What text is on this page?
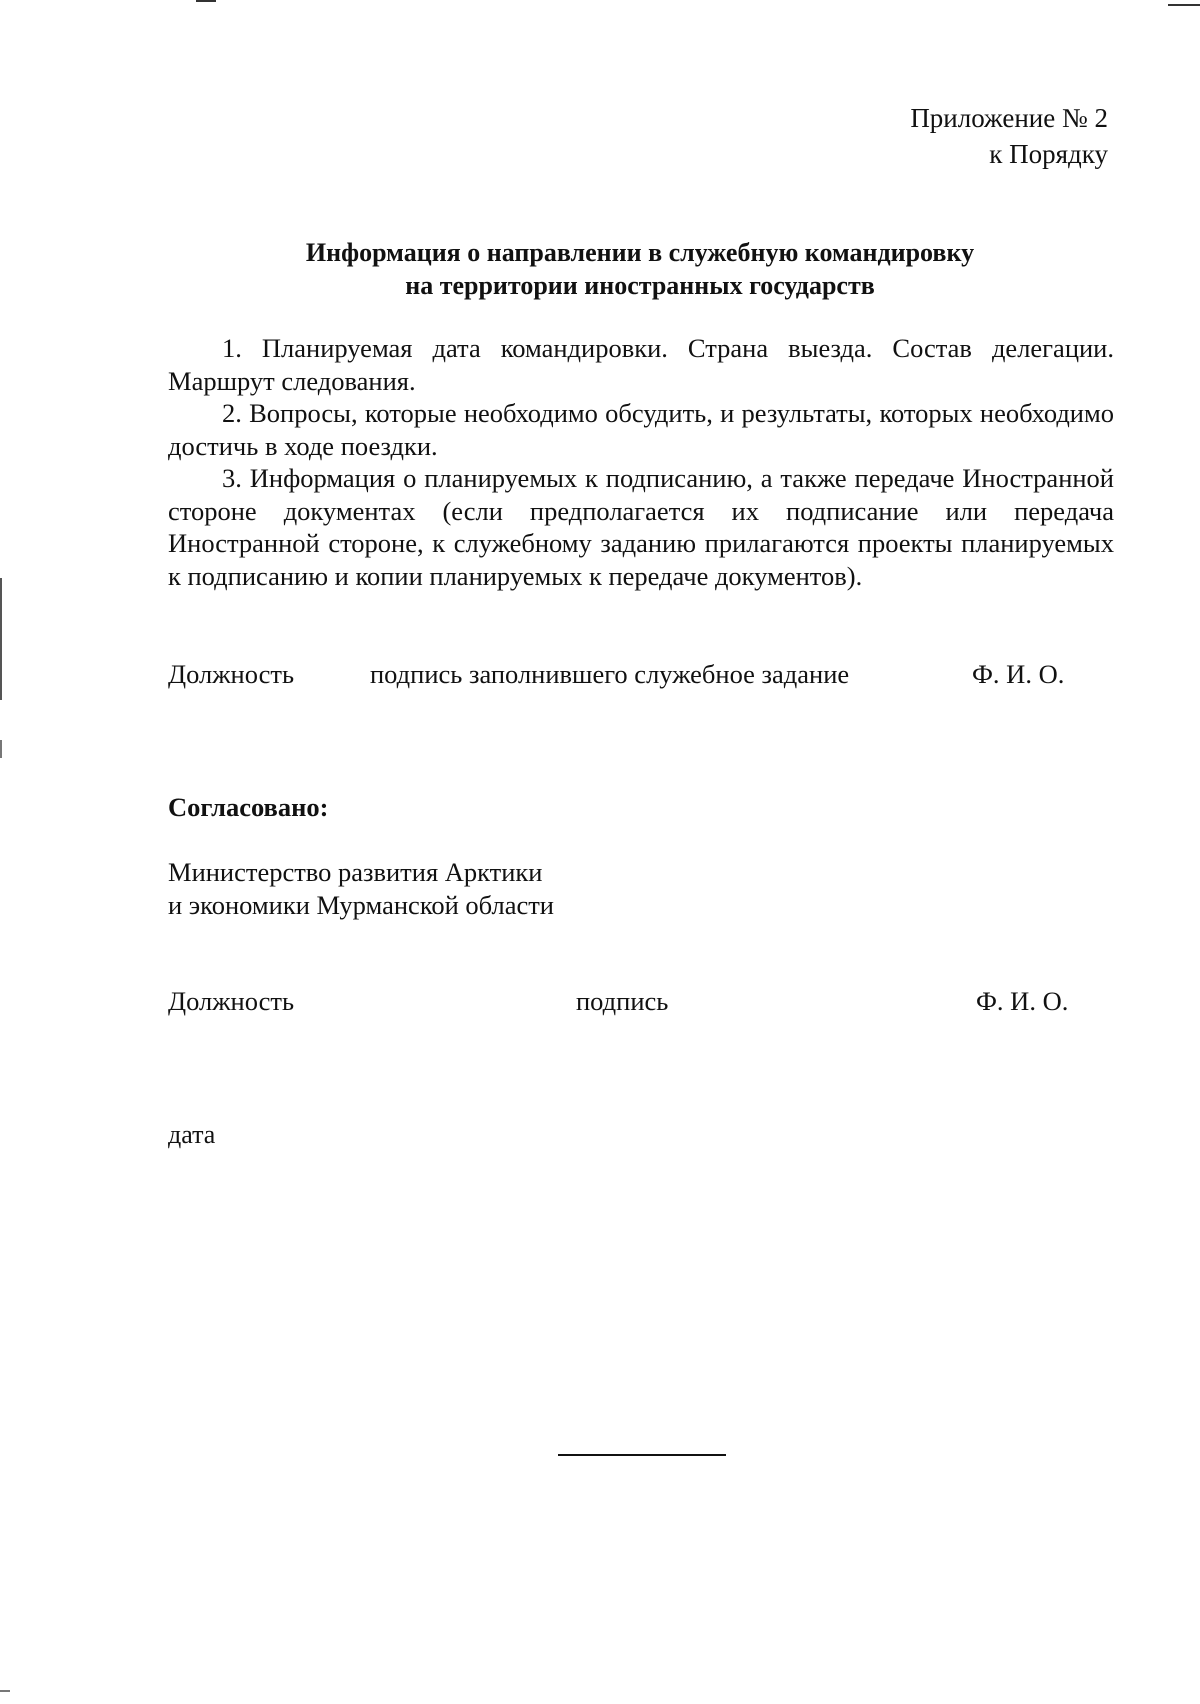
Приложение № 2
к Порядку
Информация о направлении в служебную командировку
на территории иностранных государств

1. Планируемая дата командировки. Страна выезда. Состав делегации. Маршрут следования.

2. Вопросы, которые необходимо обсудить, и результаты, которых необходимо достичь в ходе поездки.

3. Информация о планируемых к подписанию, а также передаче Иностранной стороне документах (если предполагается их подписание или передача Иностранной стороне, к служебному заданию прилагаются проекты планируемых к подписанию и копии планируемых к передаче документов).

Должность	подпись заполнившего служебное задание	Ф. И. О.
Согласовано:
Министерство развития Арктики
и экономики Мурманской области
Должность	подпись	Ф. И. О.
дата
